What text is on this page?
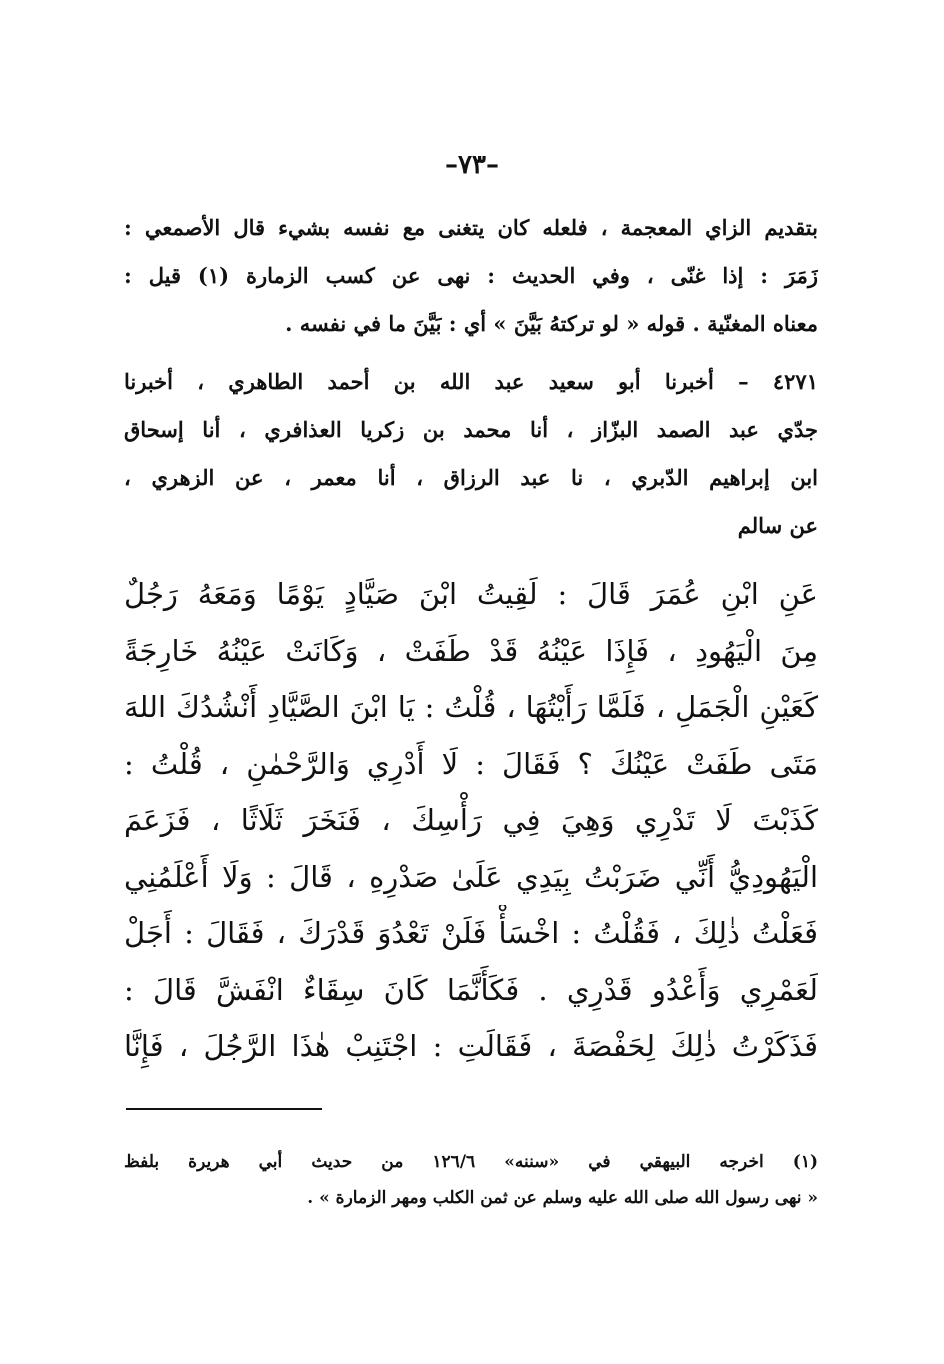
–٧٣–
بتقديم الزاي المعجمة ، فلعله كان يتغنى مع نفسه بشيء قال الأصمعي :
زَمَرَ : إذا غنّى ، وفي الحديث : نهى عن كسب الزمارة (١) قيل :
معناه المغنّية . قوله « لو تركتهُ بَيَّنَ » أي : بَيَّنَ ما في نفسه .
٤٢٧١ – أخبرنا أبو سعيد عبد الله بن أحمد الطاهري ، أخبرنا
جدّي عبد الصمد البزّاز ، أنا محمد بن زكريا العذافري ، أنا إسحاق
ابن إبراهيم الدّبري ، نا عبد الرزاق ، أنا معمر ، عن الزهري ،
عن سالم
عَنِ ابْنِ عُمَرَ قَالَ : لَقِيتُ ابْنَ صَيَّادٍ يَوْمًا وَمَعَهُ رَجُلٌ
مِنَ الْيَهُودِ ، فَإِذَا عَيْنُهُ قَدْ طَفَتْ ، وَكَانَتْ عَيْنُهُ خَارِجَةً
كَعَيْنِ الْجَمَلِ ، فَلَمَّا رَأَيْتُهَا ، قُلْتُ : يَا ابْنَ الصَّيَّادِ أَنْشُدُكَ اللهَ
مَتَى طَفَتْ عَيْنُكَ ؟ فَقَالَ : لَا أَدْرِي وَالرَّحْمٰنِ ، قُلْتُ :
كَذَبْتَ لَا تَدْرِي وَهِيَ فِي رَأْسِكَ ، فَنَخَرَ ثَلَاثًا ، فَزَعَمَ
الْيَهُودِيُّ أَنِّي ضَرَبْتُ بِيَدِي عَلَىٰ صَدْرِهِ ، قَالَ : وَلَا أَعْلَمُنِي
فَعَلْتُ ذٰلِكَ ، فَقُلْتُ : اخْسَأْ فَلَنْ تَعْدُوَ قَدْرَكَ ، فَقَالَ : أَجَلْ
لَعَمْرِي وَأَعْدُو قَدْرِي . فَكَأَنَّمَا كَانَ سِقَاءٌ انْفَشَّ قَالَ :
فَذَكَرْتُ ذٰلِكَ لِحَفْصَةَ ، فَقَالَتِ : اجْتَنِبْ هٰذَا الرَّجُلَ ، فَإِنَّا
(١) اخرجه البيهقي في «سننه» ١٢٦/٦ من حديث أبي هريرة بلفظ
« نهى رسول الله صلى الله عليه وسلم عن ثمن الكلب ومهر الزمارة » .
